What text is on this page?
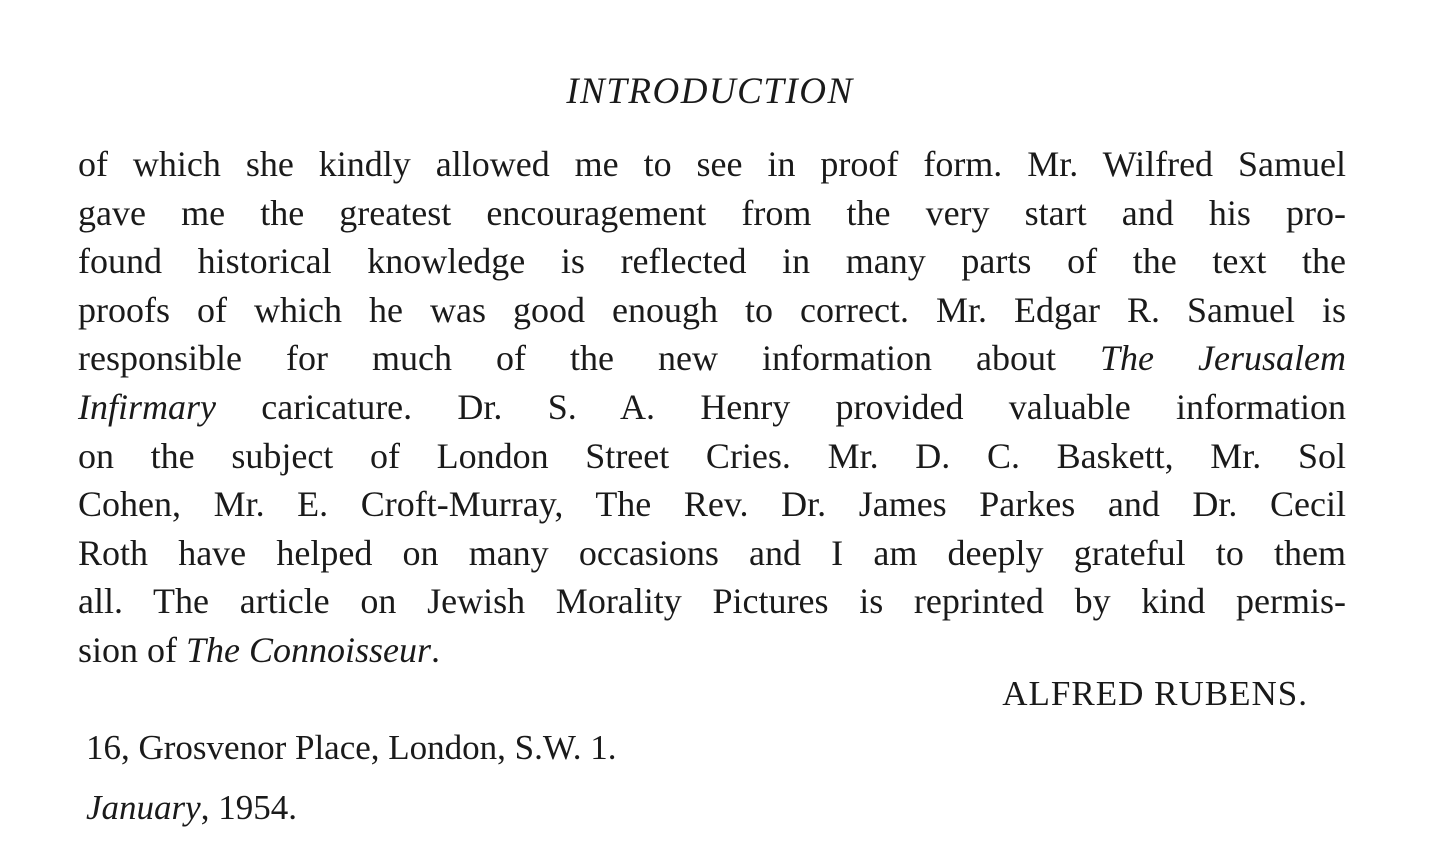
INTRODUCTION
of which she kindly allowed me to see in proof form. Mr. Wilfred Samuel
gave me the greatest encouragement from the very start and his pro-
found historical knowledge is reflected in many parts of the text the
proofs of which he was good enough to correct. Mr. Edgar R. Samuel is
responsible for much of the new information about The Jerusalem
Infirmary caricature. Dr. S. A. Henry provided valuable information
on the subject of London Street Cries. Mr. D. C. Baskett, Mr. Sol
Cohen, Mr. E. Croft-Murray, The Rev. Dr. James Parkes and Dr. Cecil
Roth have helped on many occasions and I am deeply grateful to them
all. The article on Jewish Morality Pictures is reprinted by kind permis-
sion of The Connoisseur.
ALFRED RUBENS.
16, Grosvenor Place, London, S.W. 1.
January, 1954.
